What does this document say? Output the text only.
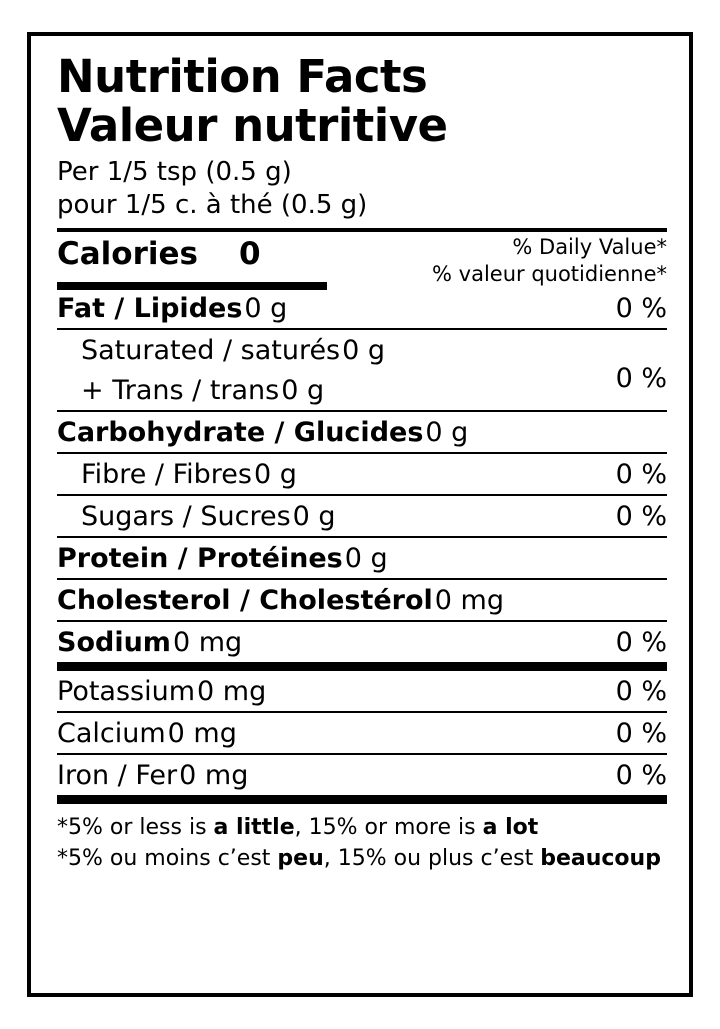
Nutrition Facts
Valeur nutritive
Per 1/5 tsp (0.5 g)
pour 1/5 c. à thé (0.5 g)
Calories 0	% Daily Value*
% valeur quotidienne*
Fat / Lipides 0 g	0 %
Saturated / saturés 0 g
+ Trans / trans 0 g	0 %
Carbohydrate / Glucides 0 g
Fibre / Fibres 0 g	0 %
Sugars / Sucres 0 g	0 %
Protein / Protéines 0 g
Cholesterol / Cholestérol 0 mg
Sodium 0 mg	0 %
Potassium 0 mg	0 %
Calcium 0 mg	0 %
Iron / Fer 0 mg	0 %
*5% or less is a little, 15% or more is a lot
*5% ou moins c’est peu, 15% ou plus c’est beaucoup
